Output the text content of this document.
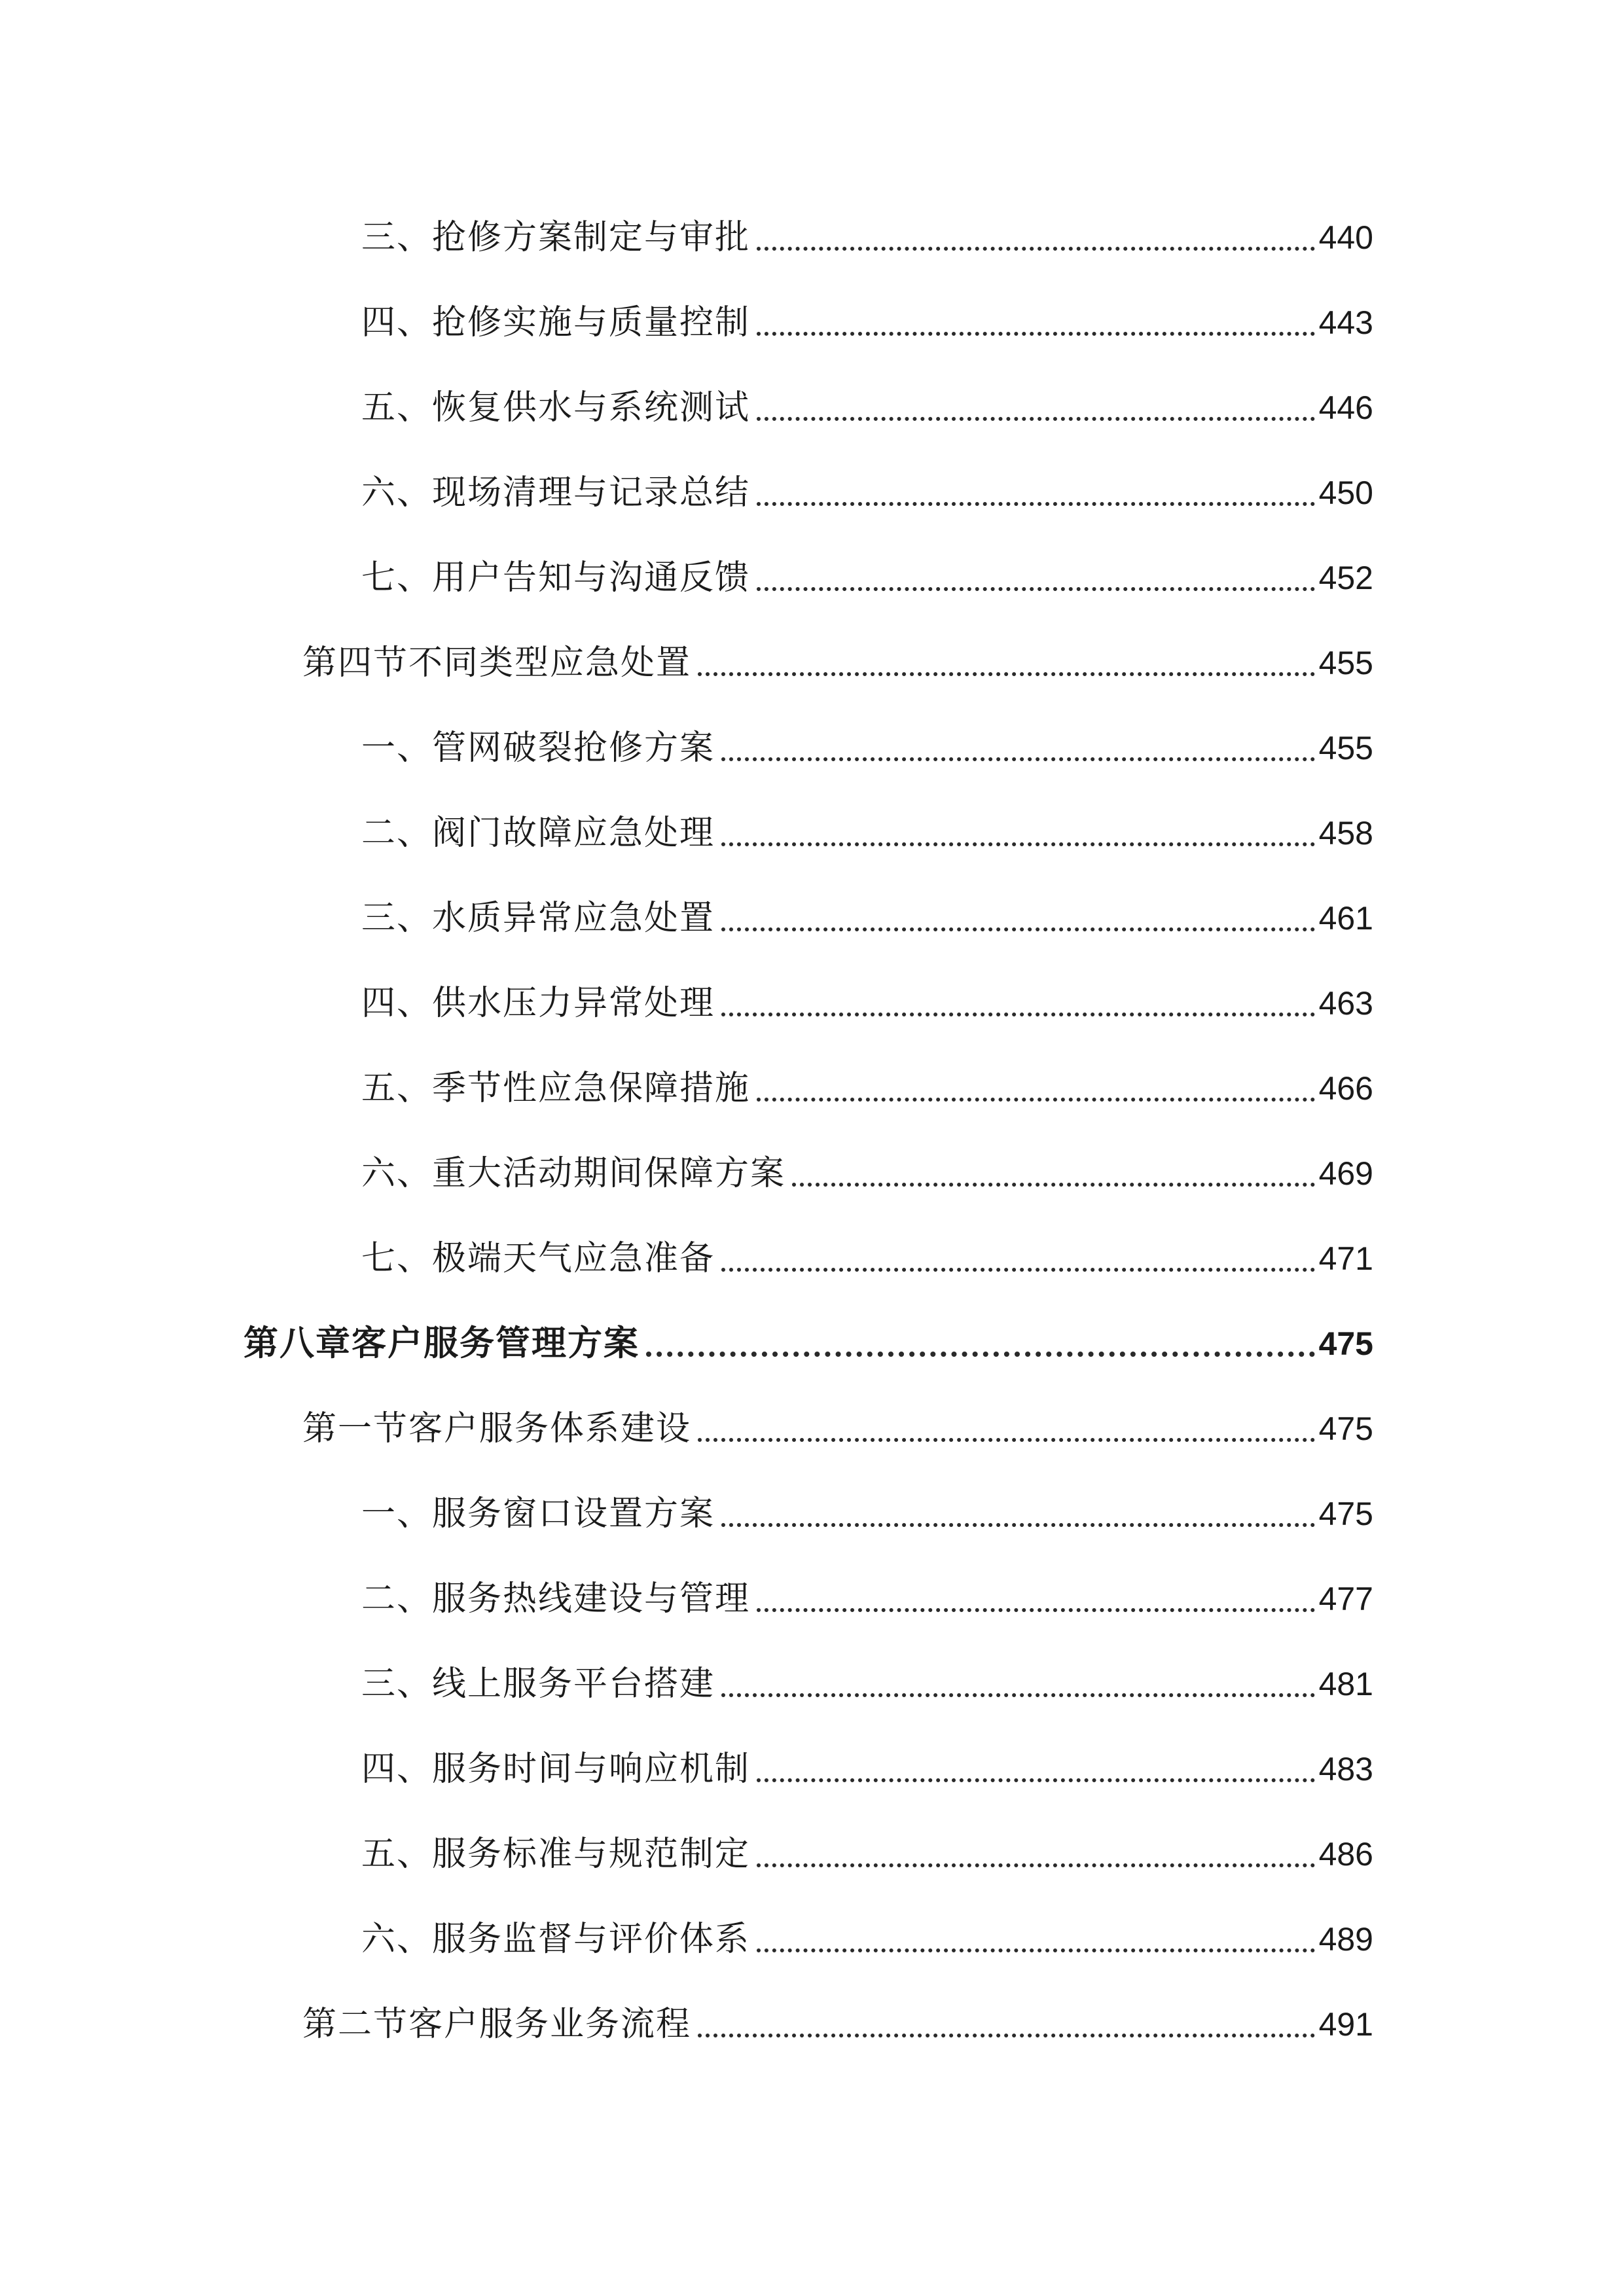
三、抢修方案制定与审批	440
四、抢修实施与质量控制	443
五、恢复供水与系统测试	446
六、现场清理与记录总结	450
七、用户告知与沟通反馈	452
第四节不同类型应急处置	455
一、管网破裂抢修方案	455
二、阀门故障应急处理	458
三、水质异常应急处置	461
四、供水压力异常处理	463
五、季节性应急保障措施	466
六、重大活动期间保障方案	469
七、极端天气应急准备	471
第八章客户服务管理方案	475
第一节客户服务体系建设	475
一、服务窗口设置方案	475
二、服务热线建设与管理	477
三、线上服务平台搭建	481
四、服务时间与响应机制	483
五、服务标准与规范制定	486
六、服务监督与评价体系	489
第二节客户服务业务流程	491
